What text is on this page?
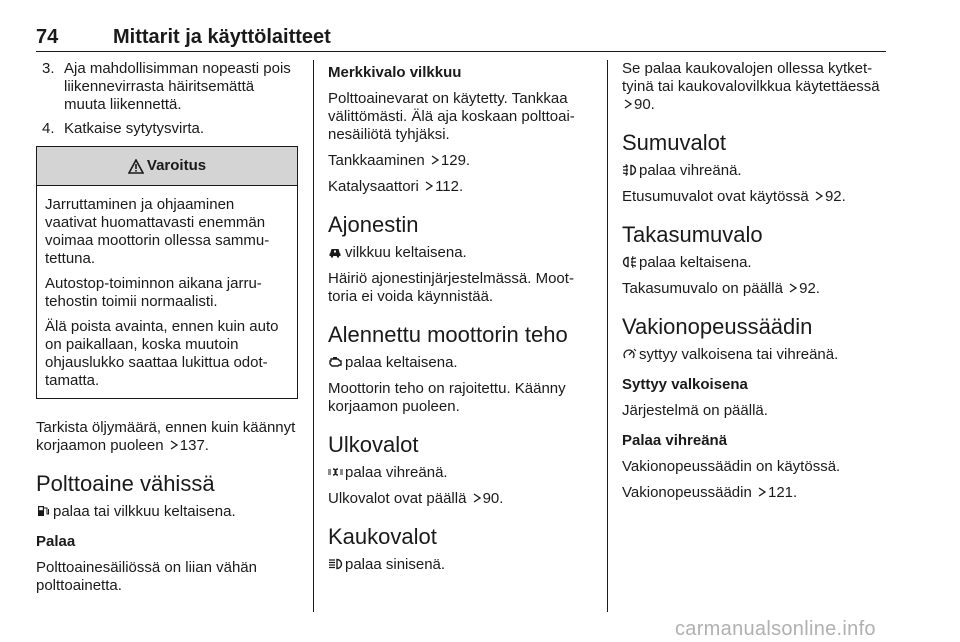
74	Mittarit ja käyttölaitteet
3. Aja mahdollisimman nopeasti pois liikennevirrasta häiritsemättä muuta liikennettä.
4. Katkaise sytytysvirta.
Varoitus

Jarruttaminen ja ohjaaminen vaativat huomattavasti enemmän voimaa moottorin ollessa sammutettuna.

Autostop-toiminnon aikana jarrutehostin toimii normaalisti.

Älä poista avainta, ennen kuin auto on paikallaan, koska muutoin ohjauslukko saattaa lukittua odottamatta.

Tarkista öljymäärä, ennen kuin käännyt korjaamon puoleen 137.

Polttoaine vähissä

palaa tai vilkkuu keltaisena.

Palaa

Polttoainesäiliössä on liian vähän polttoainetta.

Merkkivalo vilkkuu

Polttoainevarat on käytetty. Tankkaa välittömästi. Älä aja koskaan polttoainesäiliötä tyhjäksi.

Tankkaaminen 129.

Katalysaattori 112.

Ajonestin

vilkkuu keltaisena.

Häiriö ajonestinjärjestelmässä. Moottoria ei voida käynnistää.

Alennettu moottorin teho

palaa keltaisena.

Moottorin teho on rajoitettu. Käänny korjaamon puoleen.

Ulkovalot

palaa vihreänä.

Ulkovalot ovat päällä 90.

Kaukovalot

palaa sinisenä.

Se palaa kaukovalojen ollessa kytkettyinä tai kaukovalovilkkua käytettäessä 90.

Sumuvalot

palaa vihreänä.

Etusumuvalot ovat käytössä 92.

Takasumuvalo

palaa keltaisena.

Takasumuvalo on päällä 92.

Vakionopeussäädin

syttyy valkoisena tai vihreänä.

Syttyy valkoisena

Järjestelmä on päällä.

Palaa vihreänä

Vakionopeussäädin on käytössä.

Vakionopeussäädin 121.

carmanualsonline.info
